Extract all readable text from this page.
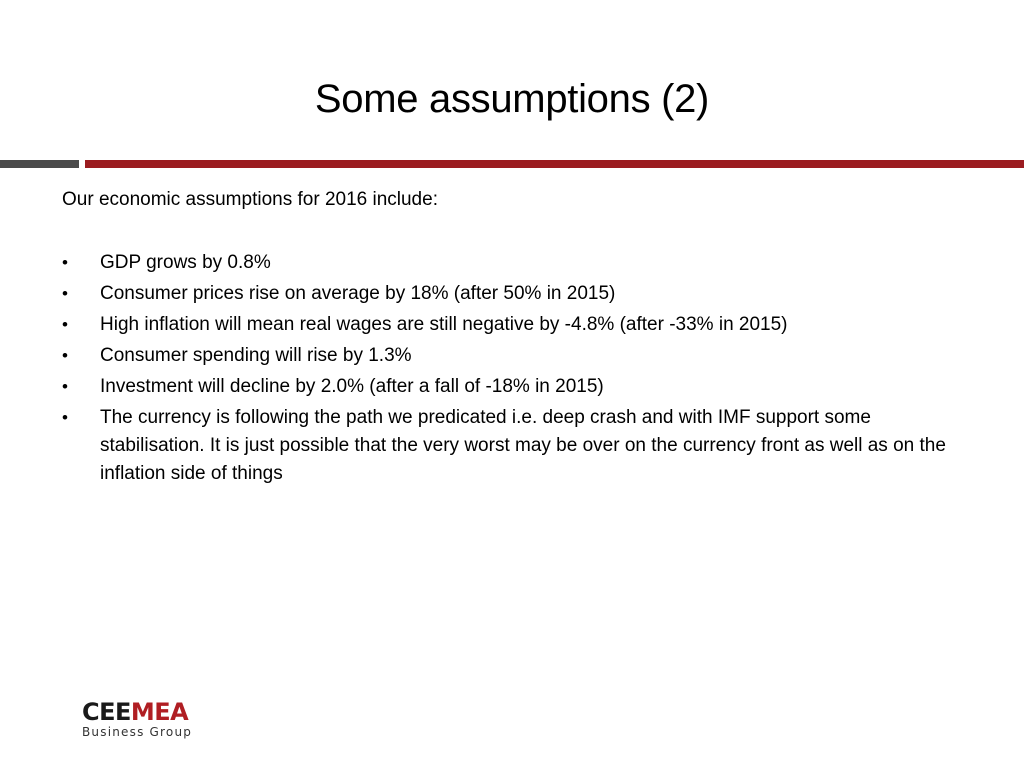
Some assumptions (2)

Our economic assumptions for 2016 include:

•	GDP grows by 0.8%
•	Consumer prices rise on average by 18% (after 50% in 2015)
•	High inflation will mean real wages are still negative by -4.8% (after -33% in 2015)
•	Consumer spending will rise by 1.3%
•	Investment will decline by 2.0% (after a fall of -18% in 2015)
•	The currency is following the path we predicated i.e. deep crash and with IMF support some stabilisation. It is just possible that the very worst may be over on the currency front as well as on the inflation side of things
CEEMEA
Business Group
